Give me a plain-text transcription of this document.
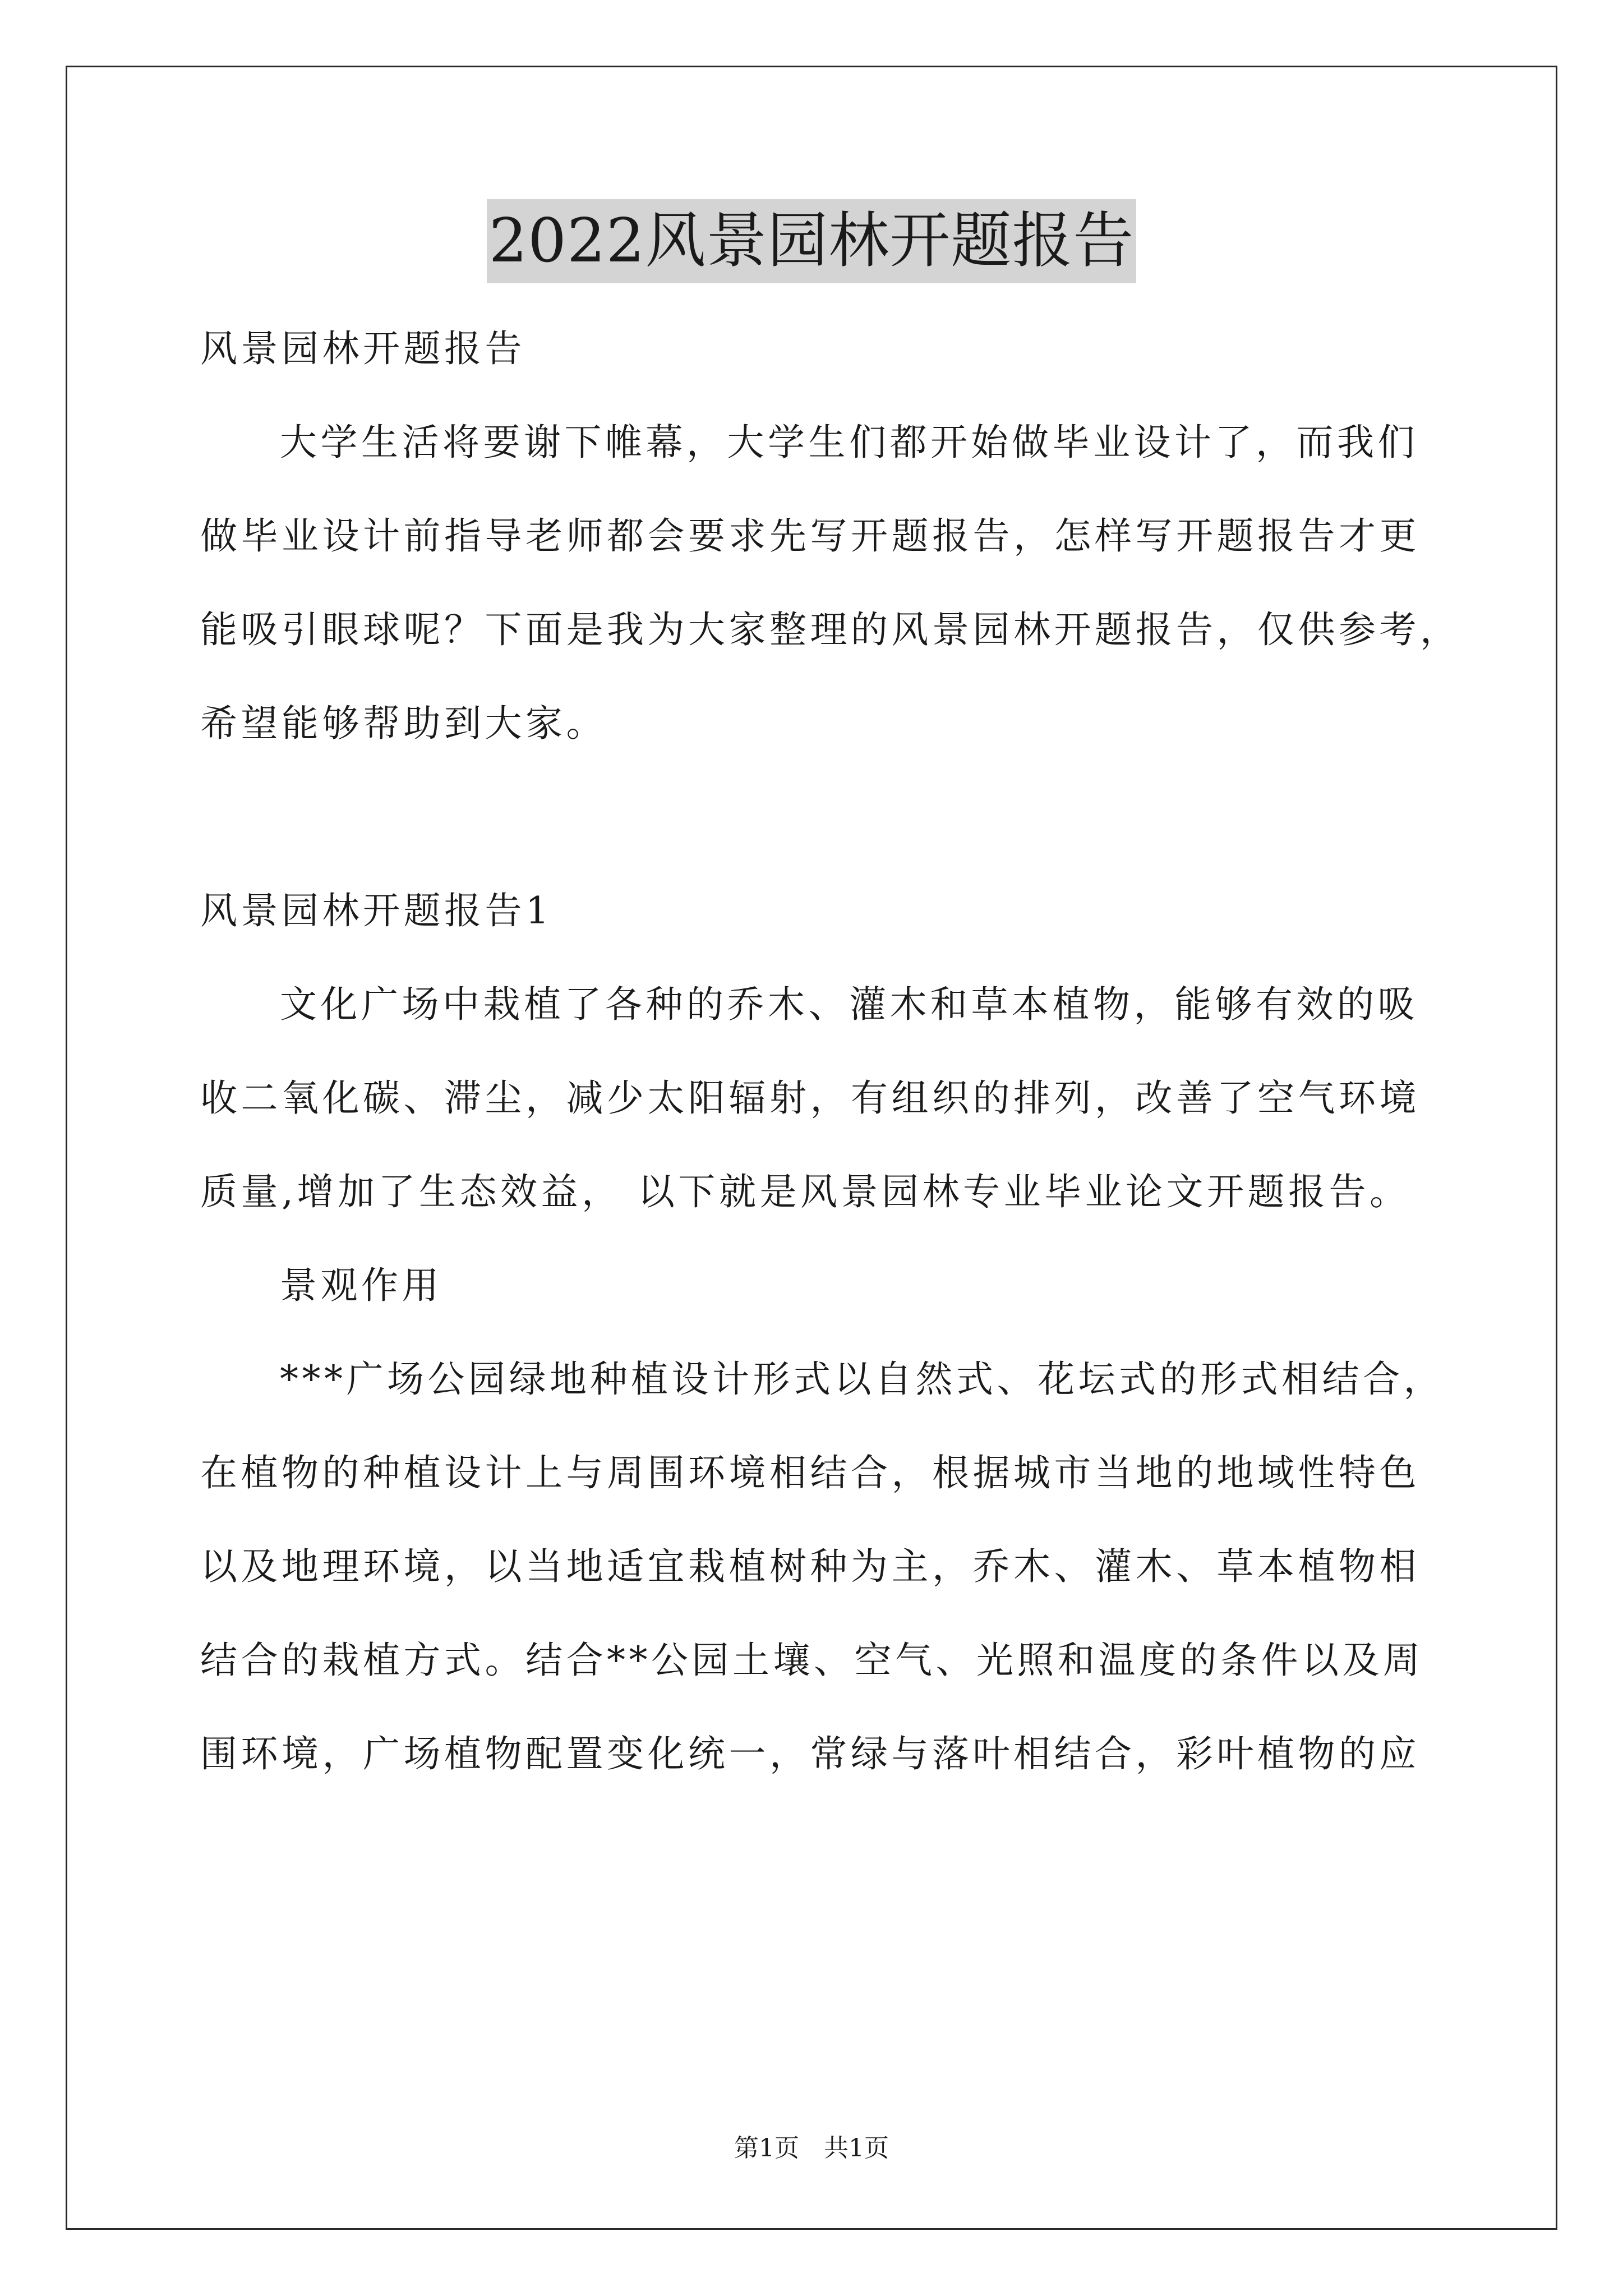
2022风景园林开题报告
风景园林开题报告
大学生活将要谢下帷幕，大学生们都开始做毕业设计了，而我们
做毕业设计前指导老师都会要求先写开题报告，怎样写开题报告才更
能吸引眼球呢？下面是我为大家整理的风景园林开题报告，仅供参考，
希望能够帮助到大家。
风景园林开题报告1
文化广场中栽植了各种的乔木、灌木和草本植物，能够有效的吸
收二氧化碳、滞尘，减少太阳辐射，有组织的排列，改善了空气环境
质量,增加了生态效益， 以下就是风景园林专业毕业论文开题报告。
景观作用
***广场公园绿地种植设计形式以自然式、花坛式的形式相结合，
在植物的种植设计上与周围环境相结合，根据城市当地的地域性特色
以及地理环境，以当地适宜栽植树种为主，乔木、灌木、草本植物相
结合的栽植方式。结合**公园土壤、空气、光照和温度的条件以及周
围环境，广场植物配置变化统一，常绿与落叶相结合，彩叶植物的应
第1页　共1页
